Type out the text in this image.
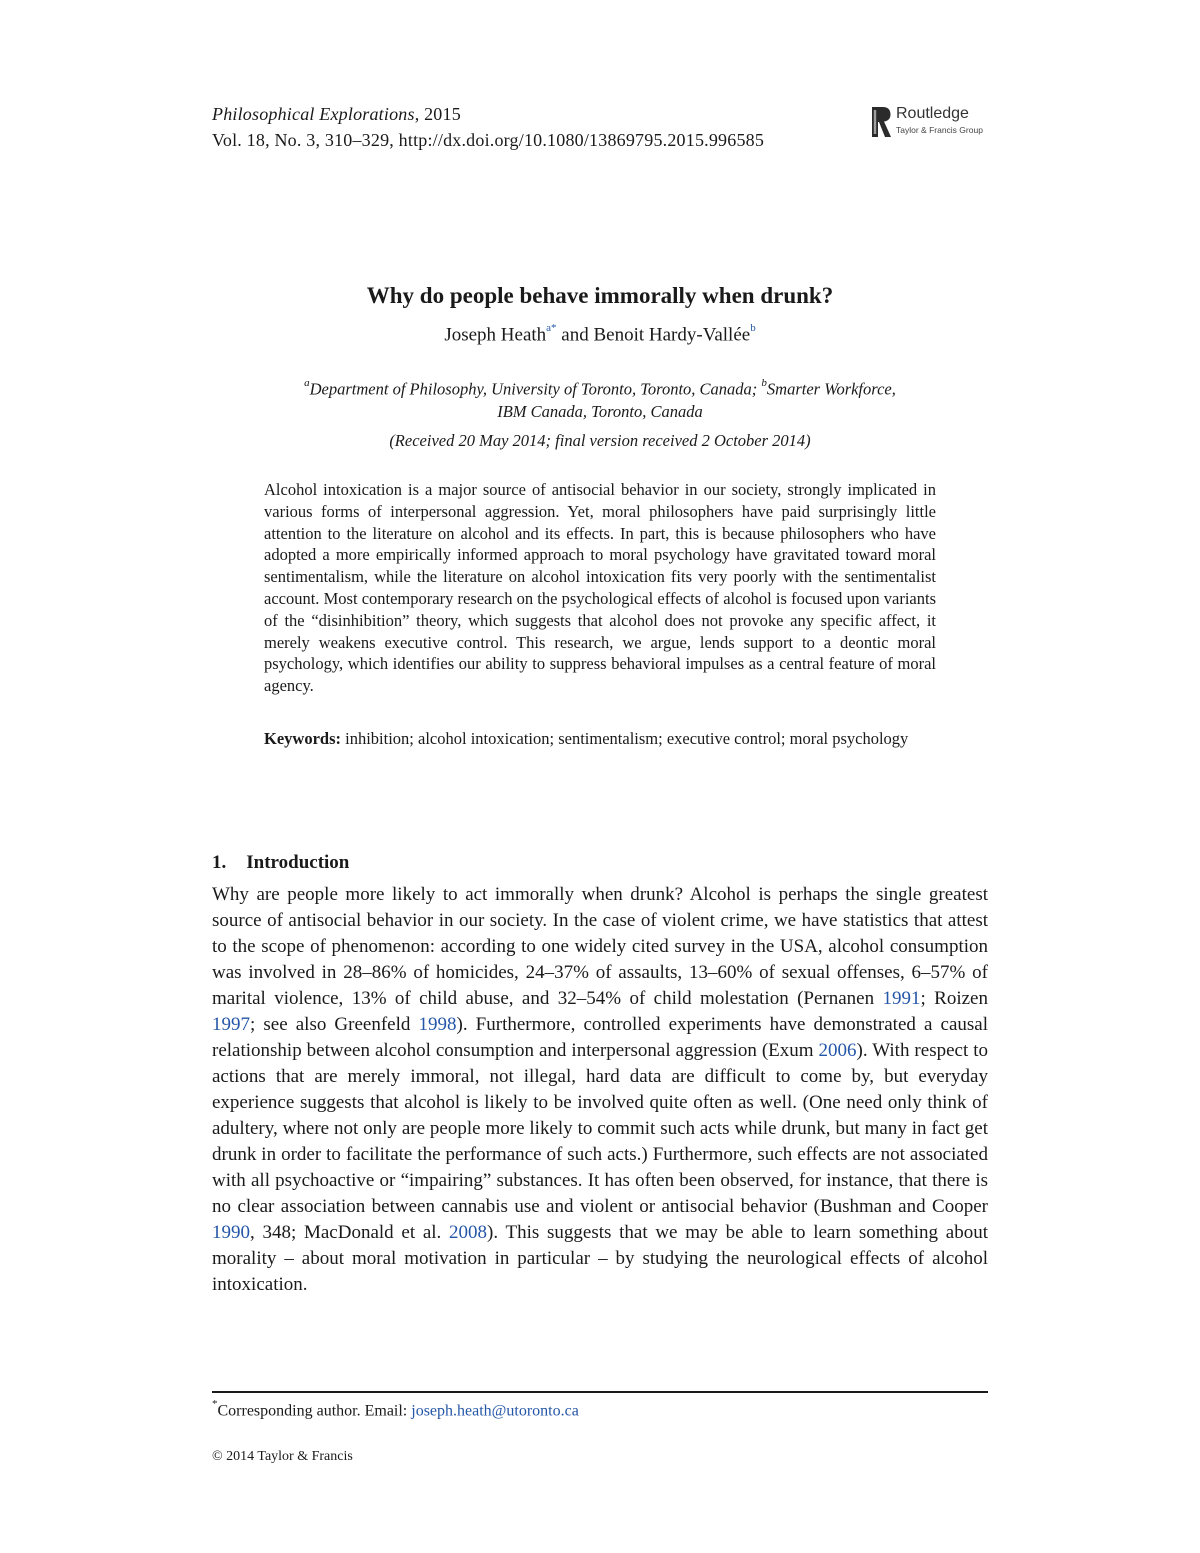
Philosophical Explorations, 2015
Vol. 18, No. 3, 310–329, http://dx.doi.org/10.1080/13869795.2015.996585
Routledge
Taylor & Francis Group
Why do people behave immorally when drunk?
Joseph Heath$^{a*}$ and Benoit Hardy-Vallée$^b$
$^a$Department of Philosophy, University of Toronto, Toronto, Canada; $^b$Smarter Workforce,
IBM Canada, Toronto, Canada
(Received 20 May 2014; final version received 2 October 2014)
Alcohol intoxication is a major source of antisocial behavior in our society, strongly implicated in various forms of interpersonal aggression. Yet, moral philosophers have paid surprisingly little attention to the literature on alcohol and its effects. In part, this is because philosophers who have adopted a more empirically informed approach to moral psychology have gravitated toward moral sentimentalism, while the literature on alcohol intoxication fits very poorly with the sentimentalist account. Most contemporary research on the psychological effects of alcohol is focused upon variants of the “disinhibition” theory, which suggests that alcohol does not provoke any specific affect, it merely weakens executive control. This research, we argue, lends support to a deontic moral psychology, which identifies our ability to suppress behavioral impulses as a central feature of moral agency.
Keywords: inhibition; alcohol intoxication; sentimentalism; executive control; moral psychology
1. Introduction
Why are people more likely to act immorally when drunk? Alcohol is perhaps the single greatest source of antisocial behavior in our society. In the case of violent crime, we have statistics that attest to the scope of phenomenon: according to one widely cited survey in the USA, alcohol consumption was involved in 28–86% of homicides, 24–37% of assaults, 13–60% of sexual offenses, 6–57% of marital violence, 13% of child abuse, and 32–54% of child molestation (Pernanen 1991; Roizen 1997; see also Greenfeld 1998). Furthermore, controlled experiments have demonstrated a causal relationship between alcohol consumption and interpersonal aggression (Exum 2006). With respect to actions that are merely immoral, not illegal, hard data are difficult to come by, but everyday experience suggests that alcohol is likely to be involved quite often as well. (One need only think of adultery, where not only are people more likely to commit such acts while drunk, but many in fact get drunk in order to facilitate the performance of such acts.) Furthermore, such effects are not associated with all psychoactive or “impairing” substances. It has often been observed, for instance, that there is no clear association between cannabis use and violent or antisocial behavior (Bushman and Cooper 1990, 348; MacDonald et al. 2008). This suggests that we may be able to learn something about morality – about moral motivation in particular – by studying the neurological effects of alcohol intoxication.
*Corresponding author. Email: joseph.heath@utoronto.ca
© 2014 Taylor & Francis
